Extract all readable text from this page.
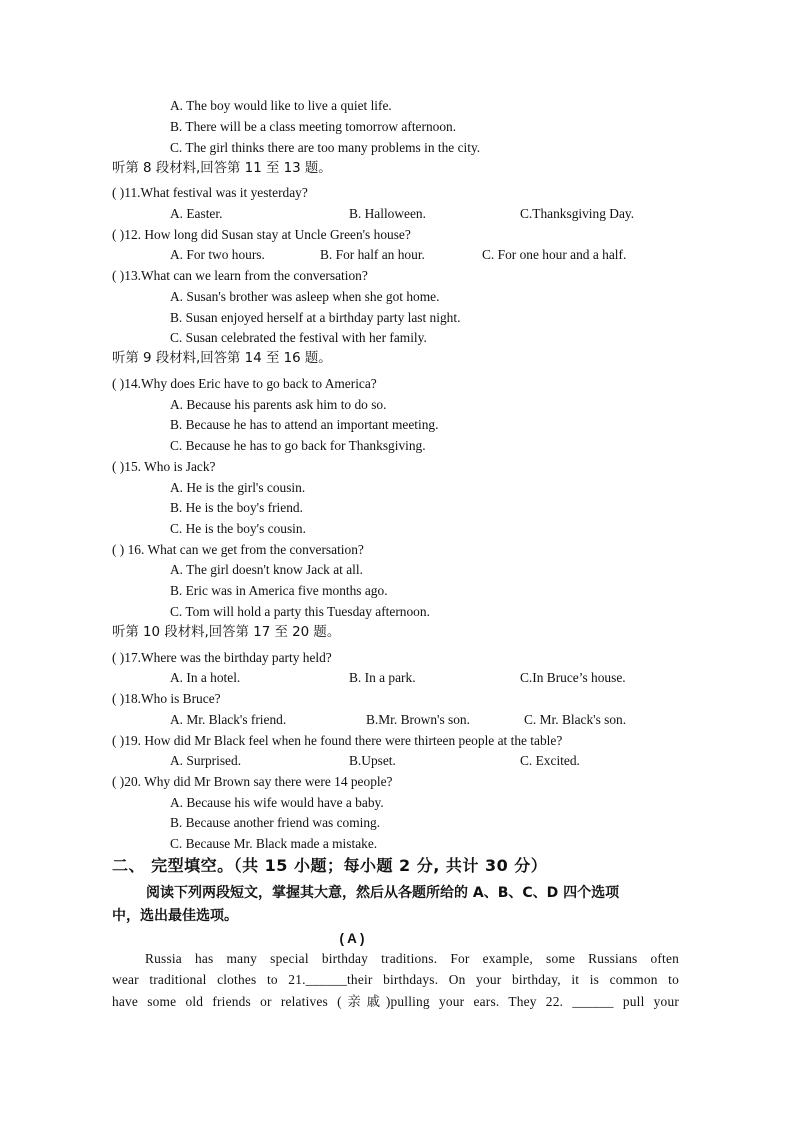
A. The boy would like to live a quiet life.
B. There will be a class meeting tomorrow afternoon.
C. The girl thinks there are too many problems in the city.
听第 8 段材料,回答第 11 至 13 题。
( )11.What festival was it yesterday?
A. Easter.	B. Halloween.	C.Thanksgiving Day.
( )12. How long did Susan stay at Uncle Green's house?
A. For two hours.	B. For half an hour.	C. For one hour and a half.
( )13.What can we learn from the conversation?
A. Susan's brother was asleep when she got home.
B. Susan enjoyed herself at a birthday party last night.
C. Susan celebrated the festival with her family.
听第 9 段材料,回答第 14 至 16 题。
( )14.Why does Eric have to go back to America?
A. Because his parents ask him to do so.
B. Because he has to attend an important meeting.
C. Because he has to go back for Thanksgiving.
( )15. Who is Jack?
A. He is the girl's cousin.
B. He is the boy's friend.
C. He is the boy's cousin.
( ) 16. What can we get from the conversation?
A. The girl doesn't know Jack at all.
B. Eric was in America five months ago.
C. Tom will hold a party this Tuesday afternoon.
听第 10 段材料,回答第 17 至 20 题。
( )17.Where was the birthday party held?
A. In a hotel.	B. In a park.	C.In Bruce’s house.
( )18.Who is Bruce?
A. Mr. Black's friend.	B.Mr. Brown's son.	C. Mr. Black's son.
( )19. How did Mr Black feel when he found there were thirteen people at the table?
A. Surprised.	B.Upset.	C. Excited.
( )20. Why did Mr Brown say there were 14 people?
A. Because his wife would have a baby.
B. Because another friend was coming.
C. Because Mr. Black made a mistake.
二、 完型填空。（共 15 小题；每小题 2 分, 共计 30 分）
阅读下列两段短文，掌握其大意，然后从各题所给的 A、B、C、D 四个选项
中，选出最佳选项。
( A )
Russia has many special birthday traditions. For example, some Russians often
wear traditional clothes to 21.______their birthdays. On your birthday, it is common to
have some old friends or relatives (亲戚)pulling your ears. They 22. ______ pull your
